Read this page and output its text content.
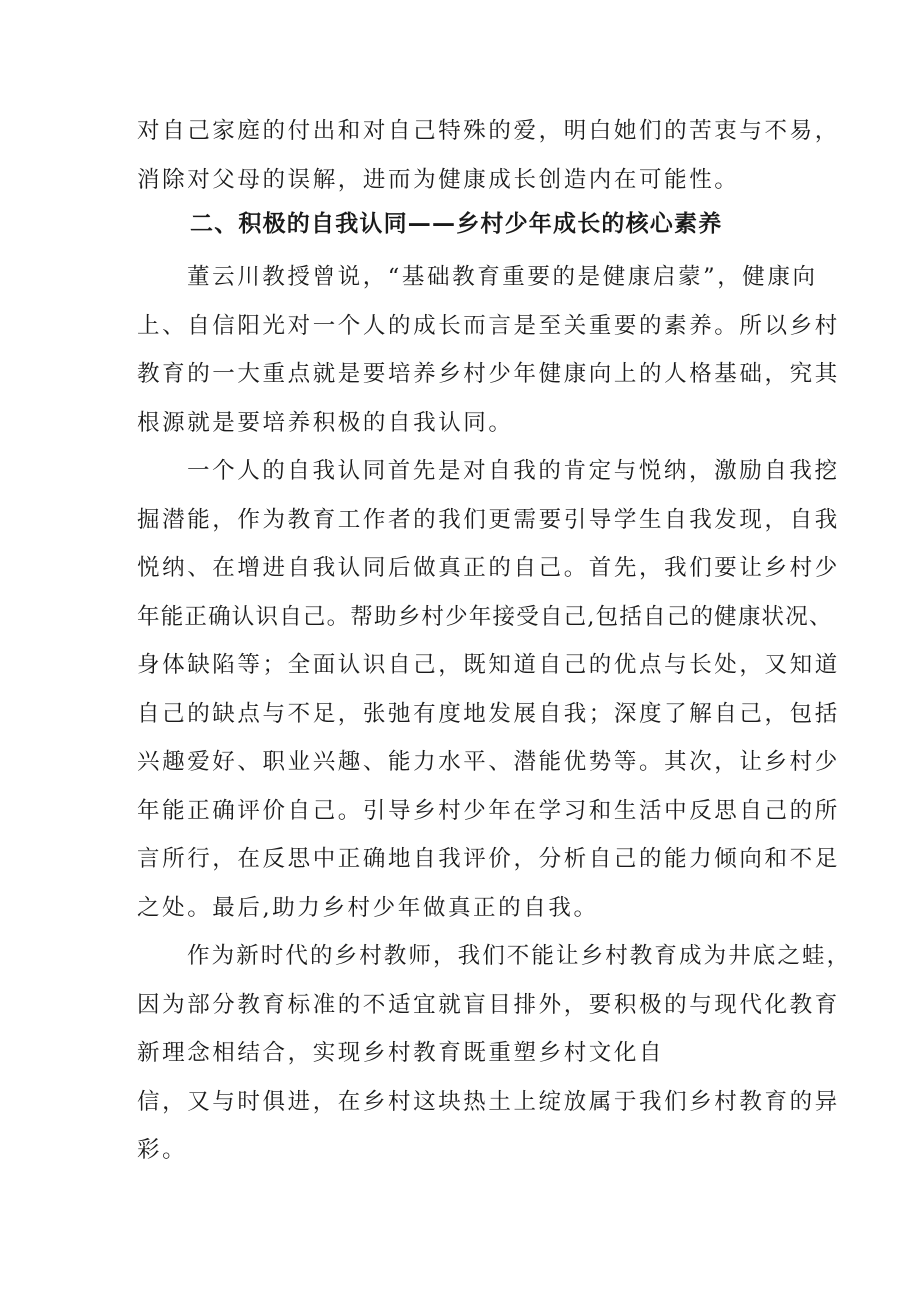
对自己家庭的付出和对自己特殊的爱，明白她们的苦衷与不易，
消除对父母的误解，进而为健康成长创造内在可能性。
二、积极的自我认同——乡村少年成长的核心素养
董云川教授曾说，“基础教育重要的是健康启蒙”，健康向
上、自信阳光对一个人的成长而言是至关重要的素养。所以乡村
教育的一大重点就是要培养乡村少年健康向上的人格基础，究其
根源就是要培养积极的自我认同。
一个人的自我认同首先是对自我的肯定与悦纳，激励自我挖
掘潜能，作为教育工作者的我们更需要引导学生自我发现，自我
悦纳、在增进自我认同后做真正的自己。首先，我们要让乡村少
年能正确认识自己。帮助乡村少年接受自己,包括自己的健康状况、
身体缺陷等；全面认识自己，既知道自己的优点与长处，又知道
自己的缺点与不足，张弛有度地发展自我；深度了解自己，包括
兴趣爱好、职业兴趣、能力水平、潜能优势等。其次，让乡村少
年能正确评价自己。引导乡村少年在学习和生活中反思自己的所
言所行，在反思中正确地自我评价，分析自己的能力倾向和不足
之处。最后,助力乡村少年做真正的自我。
作为新时代的乡村教师，我们不能让乡村教育成为井底之蛙，
因为部分教育标准的不适宜就盲目排外，要积极的与现代化教育
新理念相结合，实现乡村教育既重塑乡村文化自
信，又与时俱进，在乡村这块热土上绽放属于我们乡村教育的异
彩。
